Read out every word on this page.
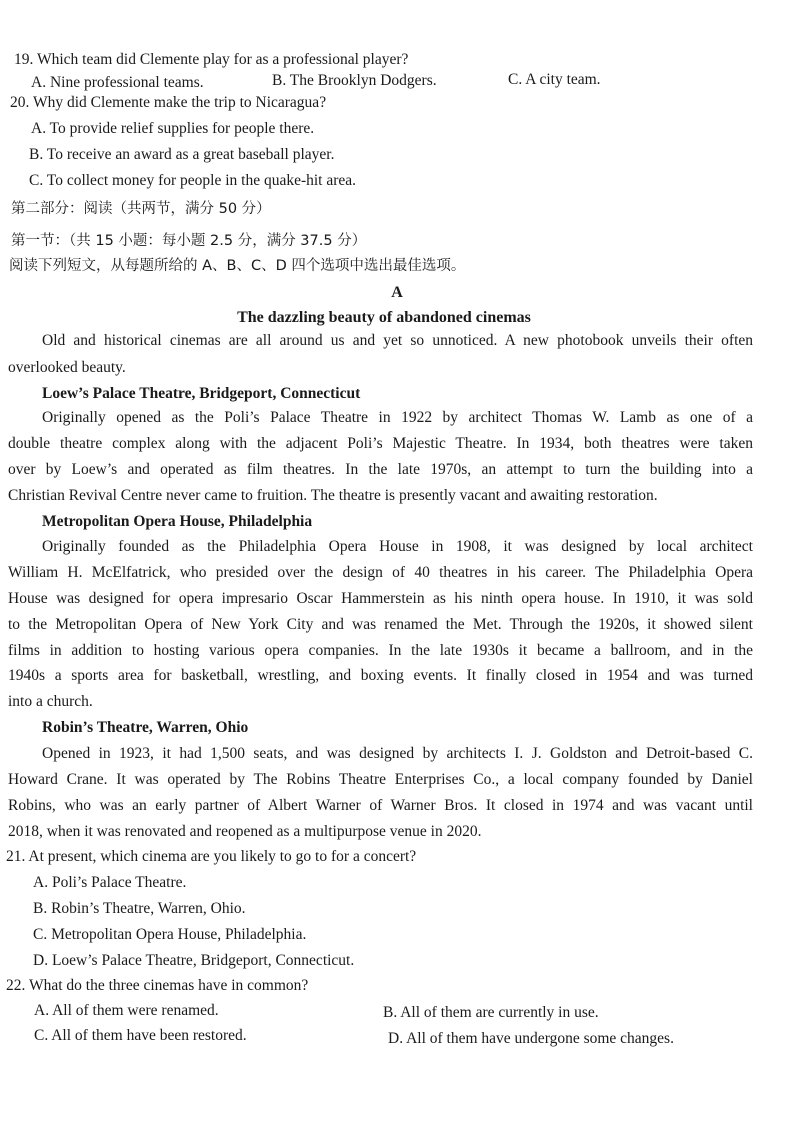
19. Which team did Clemente play for as a professional player?
A. Nine professional teams.	B. The Brooklyn Dodgers.	C. A city team.
20. Why did Clemente make the trip to Nicaragua?
A. To provide relief supplies for people there.
B. To receive an award as a great baseball player.
C. To collect money for people in the quake-hit area.
第二部分：阅读（共两节，满分 50 分）
第一节：（共 15 小题：每小题 2.5 分，满分 37.5 分）
阅读下列短文，从每题所给的 A、B、C、D 四个选项中选出最佳选项。
A
The dazzling beauty of abandoned cinemas
Old and historical cinemas are all around us and yet so unnoticed. A new photobook unveils their often
overlooked beauty.
Loew’s Palace Theatre, Bridgeport, Connecticut
Originally opened as the Poli’s Palace Theatre in 1922 by architect Thomas W. Lamb as one of a
double theatre complex along with the adjacent Poli’s Majestic Theatre. In 1934, both theatres were taken
over by Loew’s and operated as film theatres. In the late 1970s, an attempt to turn the building into a
Christian Revival Centre never came to fruition. The theatre is presently vacant and awaiting restoration.
Metropolitan Opera House, Philadelphia
Originally founded as the Philadelphia Opera House in 1908, it was designed by local architect
William H. McElfatrick, who presided over the design of 40 theatres in his career. The Philadelphia Opera
House was designed for opera impresario Oscar Hammerstein as his ninth opera house. In 1910, it was sold
to the Metropolitan Opera of New York City and was renamed the Met. Through the 1920s, it showed silent
films in addition to hosting various opera companies. In the late 1930s it became a ballroom, and in the
1940s a sports area for basketball, wrestling, and boxing events. It finally closed in 1954 and was turned
into a church.
Robin’s Theatre, Warren, Ohio
Opened in 1923, it had 1,500 seats, and was designed by architects I. J. Goldston and Detroit-based C.
Howard Crane. It was operated by The Robins Theatre Enterprises Co., a local company founded by Daniel
Robins, who was an early partner of Albert Warner of Warner Bros. It closed in 1974 and was vacant until
2018, when it was renovated and reopened as a multipurpose venue in 2020.
21. At present, which cinema are you likely to go to for a concert?
A. Poli’s Palace Theatre.
B. Robin’s Theatre, Warren, Ohio.
C. Metropolitan Opera House, Philadelphia.
D. Loew’s Palace Theatre, Bridgeport, Connecticut.
22. What do the three cinemas have in common?
A. All of them were renamed.	B. All of them are currently in use.
C. All of them have been restored.	D. All of them have undergone some changes.
